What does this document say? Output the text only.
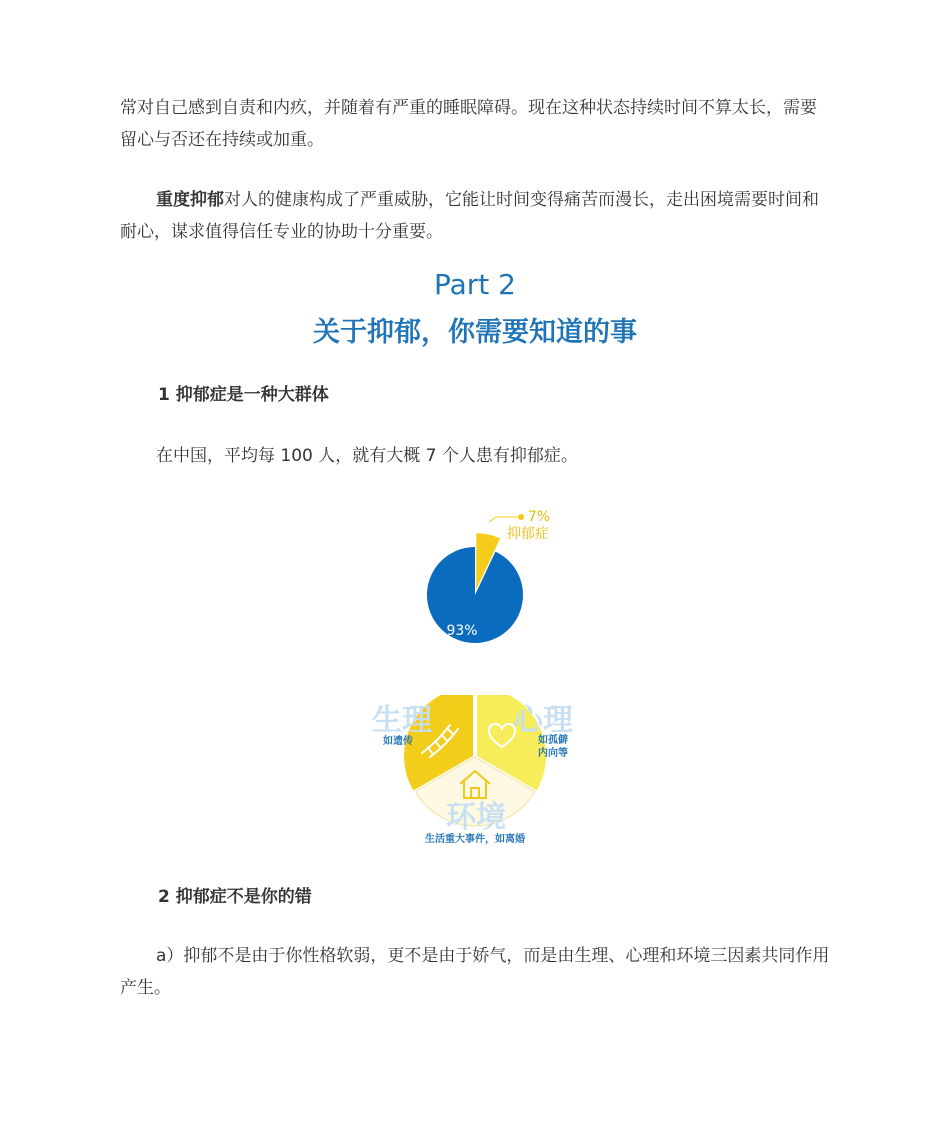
常对自己感到自责和内疚，并随着有严重的睡眠障碍。现在这种状态持续时间不算太长，需要留心与否还在持续或加重。

重度抑郁对人的健康构成了严重威胁，它能让时间变得痛苦而漫长，走出困境需要时间和耐心，谋求值得信任专业的协助十分重要。

Part 2
关于抑郁，你需要知道的事
1 抑郁症是一种大群体

在中国，平均每 100 人，就有大概 7 个人患有抑郁症。

7%
抑郁症
93%
生理	心理
环境
如遗传	如孤僻
内向等
生活重大事件，如离婚
2 抑郁症不是你的错

a）抑郁不是由于你性格软弱，更不是由于娇气，而是由生理、心理和环境三因素共同作用产生。
